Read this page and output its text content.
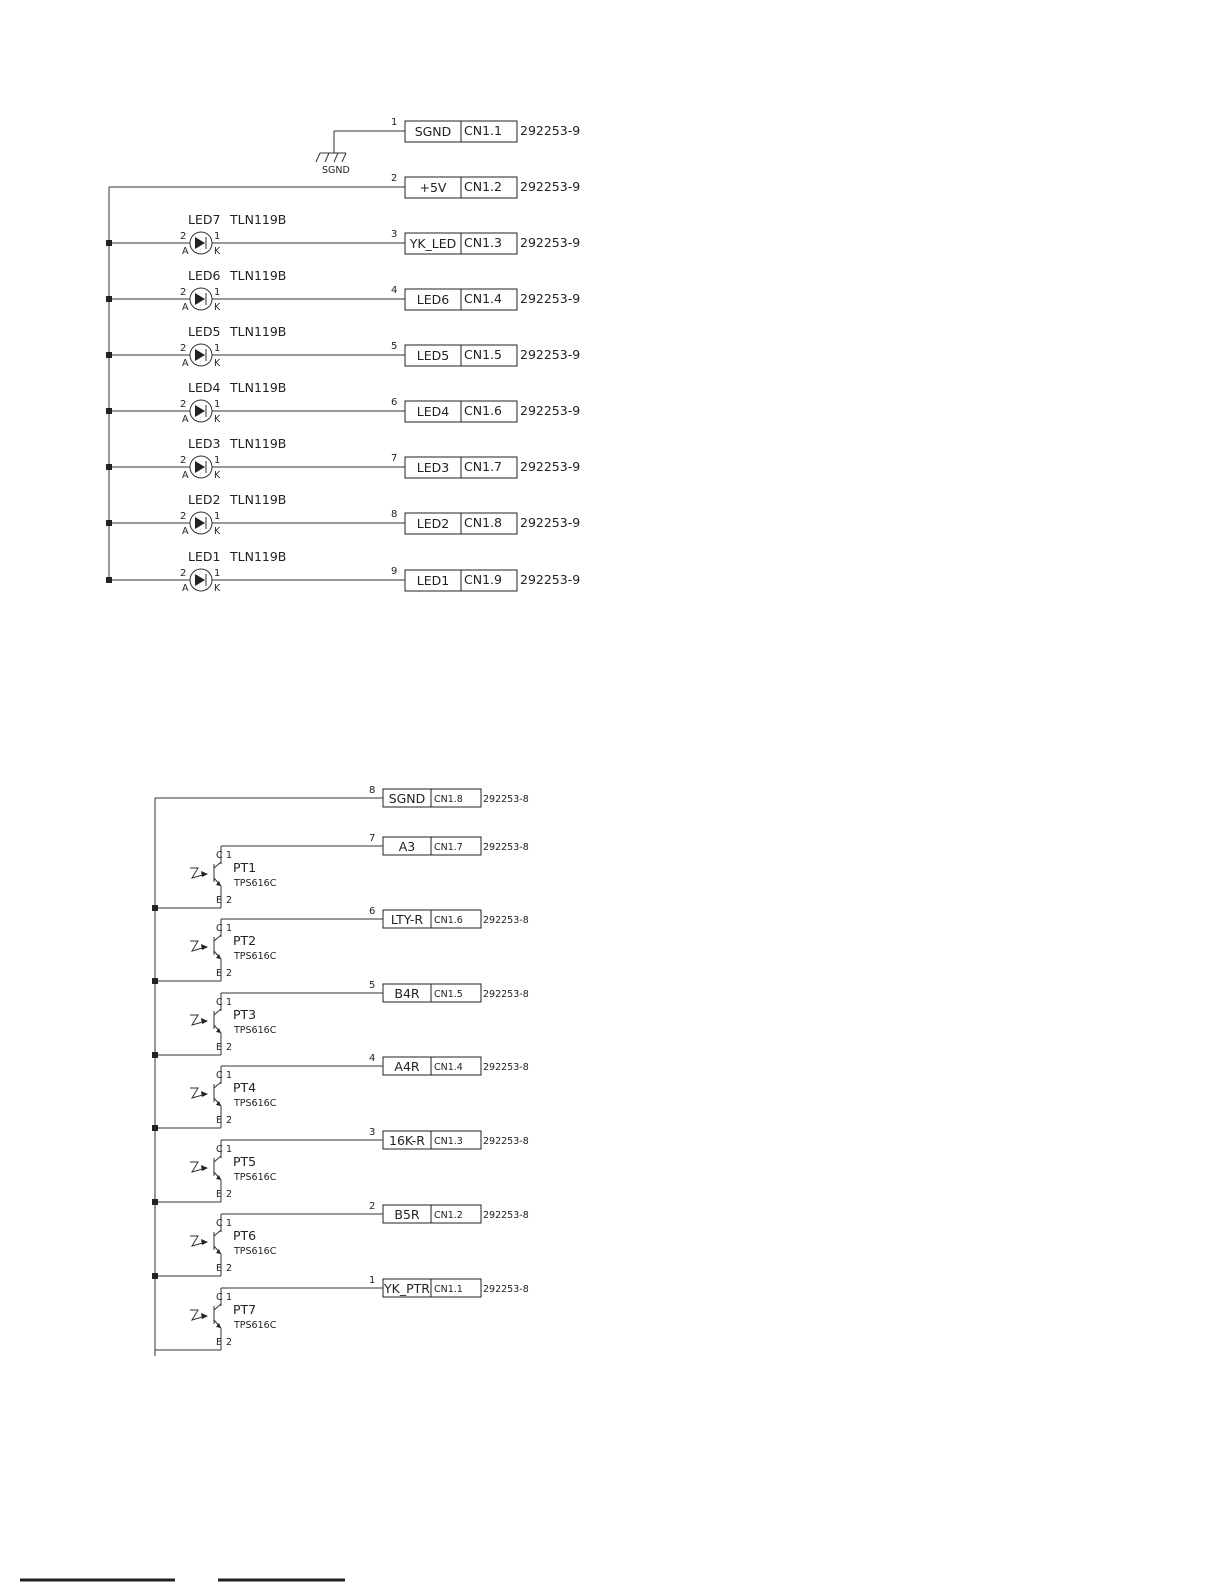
SGND
1
SGND CN1.1 292253-9
2
+5V CN1.2 292253-9
3
YK_LED CN1.3 292253-9
LED7 TLN119B
2	1
A	K
4
LED6 CN1.4 292253-9
LED6 TLN119B
2	1
A	K
5
LED5 CN1.5 292253-9
LED5 TLN119B
2	1
A	K
6
LED4 CN1.6 292253-9
LED4 TLN119B
2	1
A	K
7
LED3 CN1.7 292253-9
LED3 TLN119B
2	1
A	K
8
LED2 CN1.8 292253-9
LED2 TLN119B
2	1
A	K
9
LED1 CN1.9 292253-9
LED1 TLN119B
2	1
A	K
8
SGND CN1.8 292253-8
7
A3 CN1.7 292253-8
C 1
E 2
PT1
TPS616C
6
LTY-R CN1.6 292253-8
C 1
E 2
PT2
TPS616C
5
B4R CN1.5 292253-8
C 1
E 2
PT3
TPS616C
4
A4R CN1.4 292253-8
C 1
E 2
PT4
TPS616C
3
16K-R CN1.3 292253-8
C 1
E 2
PT5
TPS616C
2
B5R CN1.2 292253-8
C 1
E 2
PT6
TPS616C
1
YK_PTR CN1.1 292253-8
C 1
E 2
PT7
TPS616C
